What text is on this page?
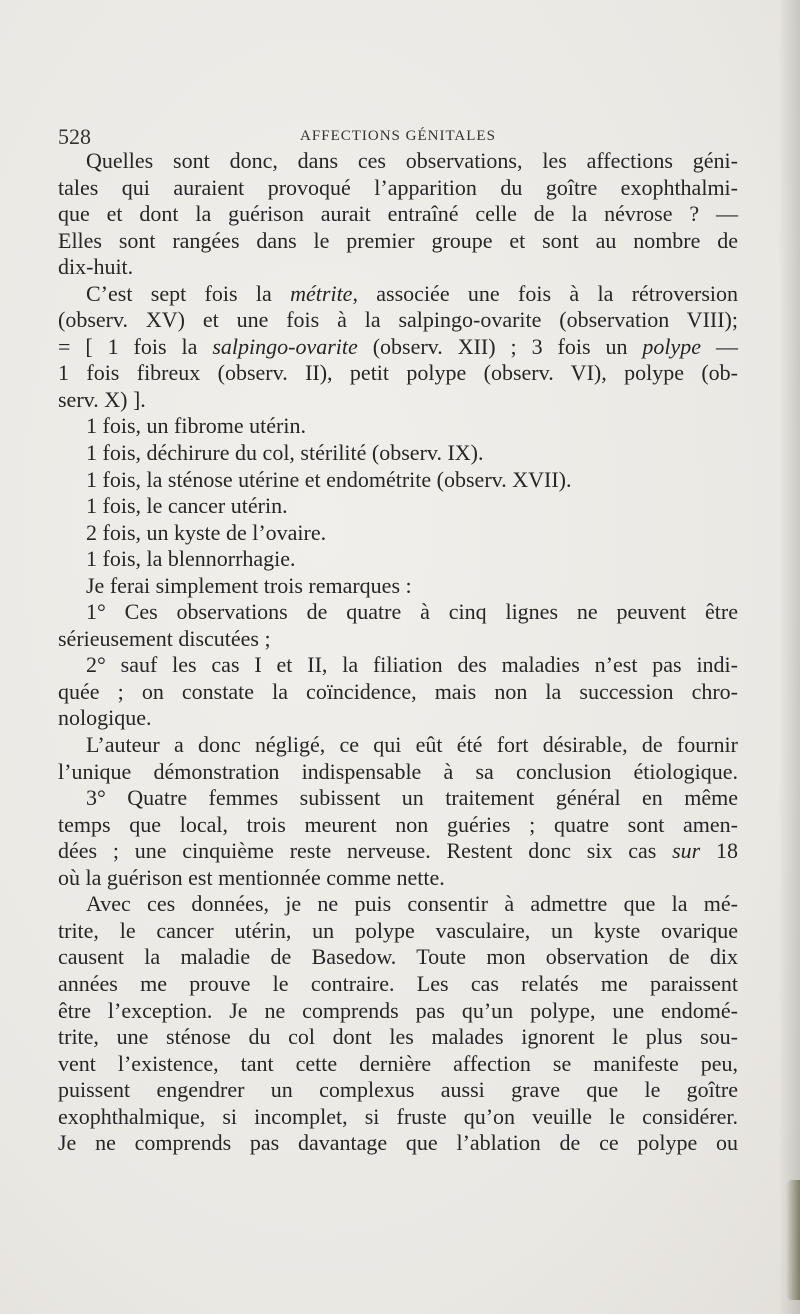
528	AFFECTIONS GÉNITALES
Quelles sont donc, dans ces observations, les affections géni-
tales qui auraient provoqué l’apparition du goître exophthalmi-
que et dont la guérison aurait entraîné celle de la névrose ? —
Elles sont rangées dans le premier groupe et sont au nombre de
dix-huit.
C’est sept fois la métrite, associée une fois à la rétroversion
(observ. XV) et une fois à la salpingo-ovarite (observation VIII);
= [ 1 fois la salpingo-ovarite (observ. XII) ; 3 fois un polype —
1 fois fibreux (observ. II), petit polype (observ. VI), polype (ob-
serv. X) ].
1 fois, un fibrome utérin.
1 fois, déchirure du col, stérilité (observ. IX).
1 fois, la sténose utérine et endométrite (observ. XVII).
1 fois, le cancer utérin.
2 fois, un kyste de l’ovaire.
1 fois, la blennorrhagie.
Je ferai simplement trois remarques :
1° Ces observations de quatre à cinq lignes ne peuvent être
sérieusement discutées ;
2° sauf les cas I et II, la filiation des maladies n’est pas indi-
quée ; on constate la coïncidence, mais non la succession chro-
nologique.
L’auteur a donc négligé, ce qui eût été fort désirable, de fournir
l’unique démonstration indispensable à sa conclusion étiologique.
3° Quatre femmes subissent un traitement général en même
temps que local, trois meurent non guéries ; quatre sont amen-
dées ; une cinquième reste nerveuse. Restent donc six cas sur 18
où la guérison est mentionnée comme nette.
Avec ces données, je ne puis consentir à admettre que la mé-
trite, le cancer utérin, un polype vasculaire, un kyste ovarique
causent la maladie de Basedow. Toute mon observation de dix
années me prouve le contraire. Les cas relatés me paraissent
être l’exception. Je ne comprends pas qu’un polype, une endomé-
trite, une sténose du col dont les malades ignorent le plus sou-
vent l’existence, tant cette dernière affection se manifeste peu,
puissent engendrer un complexus aussi grave que le goître
exophthalmique, si incomplet, si fruste qu’on veuille le considérer.
Je ne comprends pas davantage que l’ablation de ce polype ou
